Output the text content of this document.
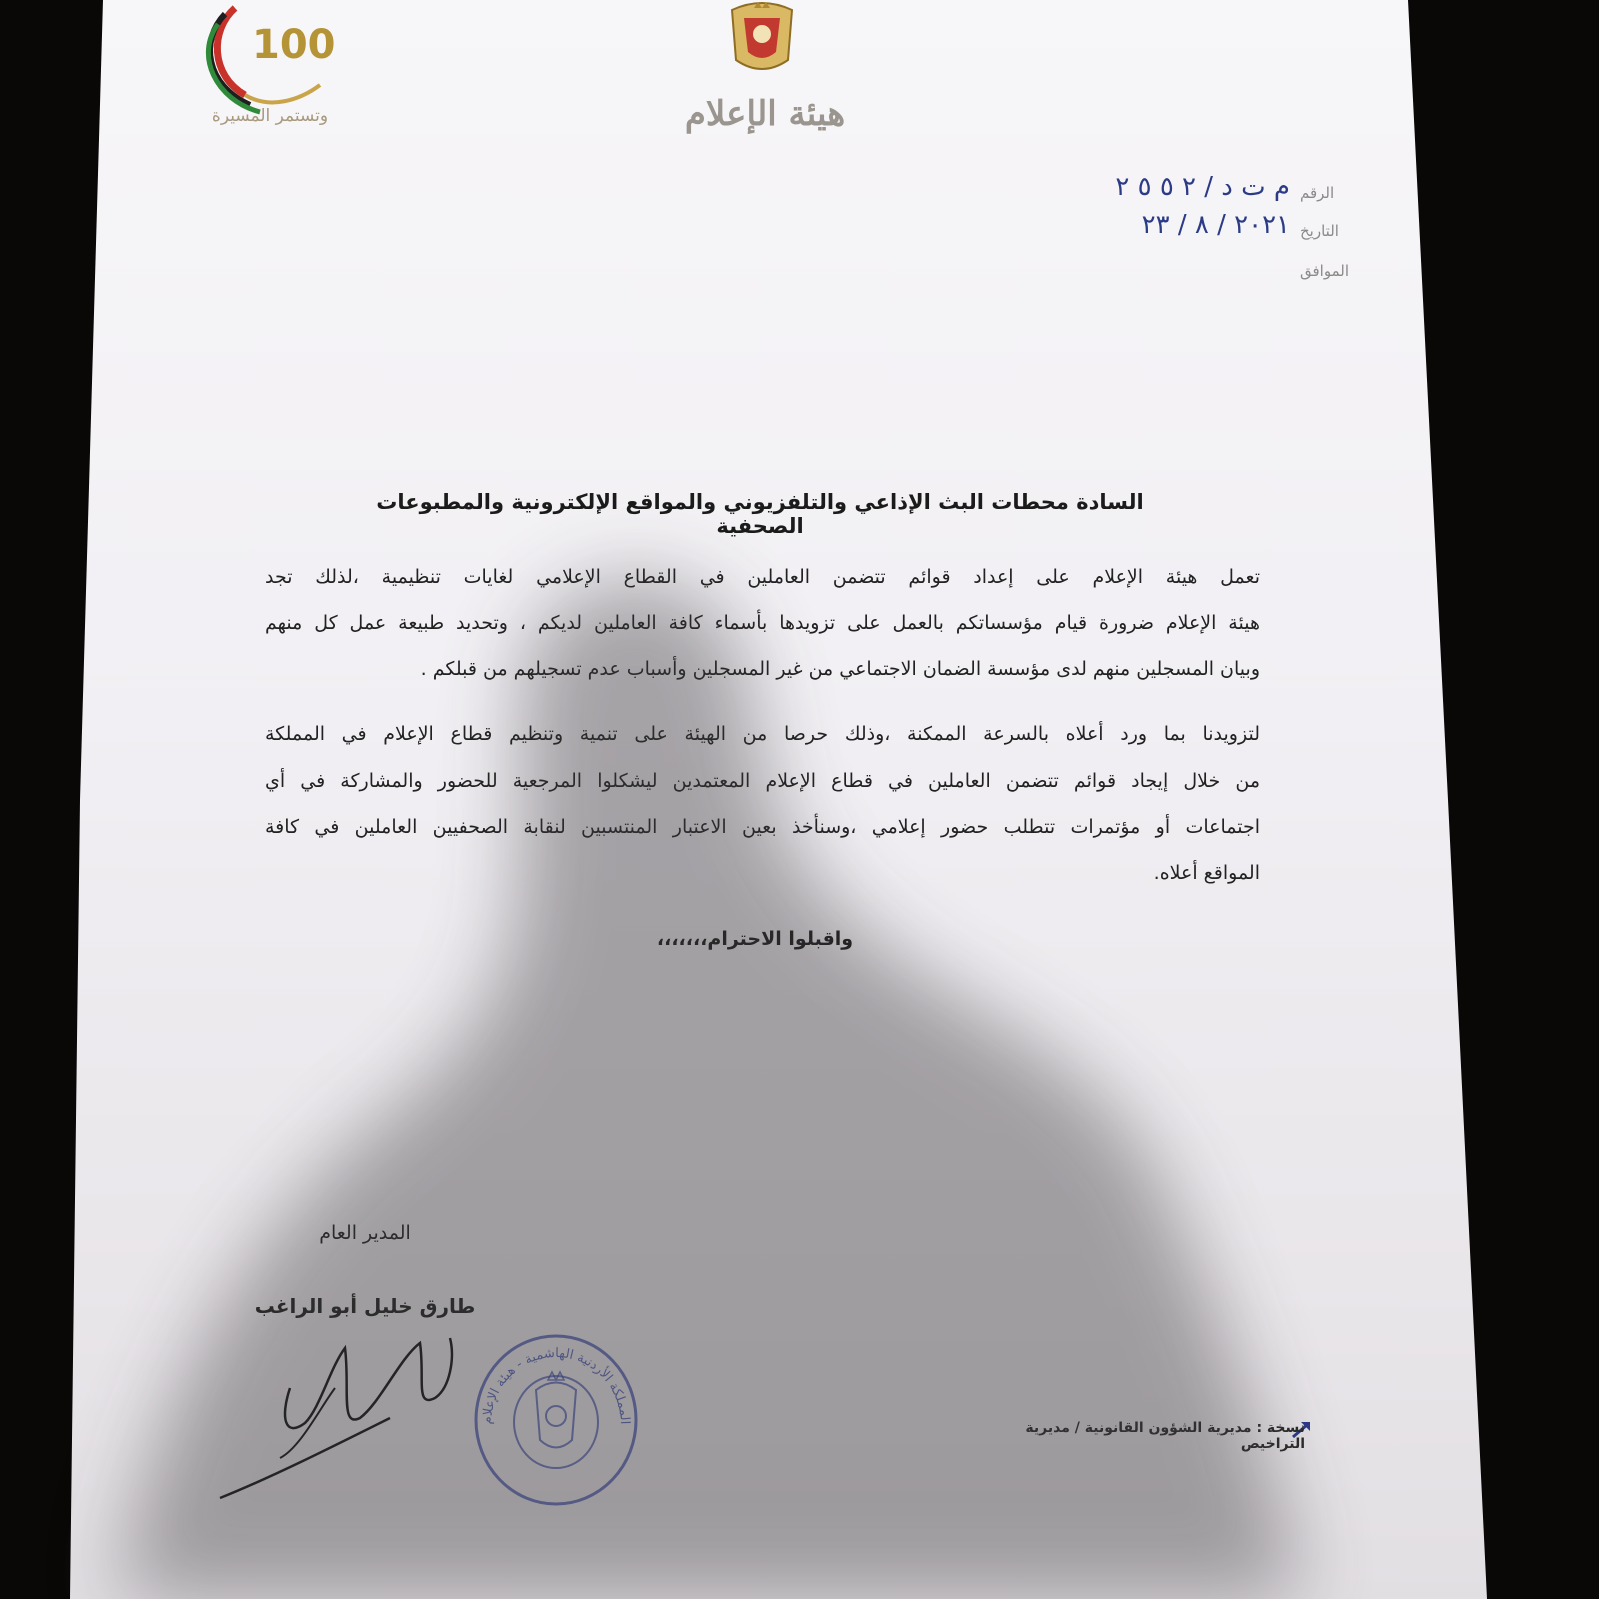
100
وتستمر المسيرة	هيئة الإعلام
الرقم
م ت د / ٢ ٥ ٥ ٢
التاريخ
٢٠٢١ / ٨ / ٢٣
الموافق
السادة محطات البث الإذاعي والتلفزيوني والمواقع الإلكترونية والمطبوعات الصحفية
تعمل هيئة الإعلام على إعداد قوائم تتضمن العاملين في القطاع الإعلامي لغايات تنظيمية ،لذلك تجد
هيئة الإعلام ضرورة قيام مؤسساتكم بالعمل على تزويدها بأسماء كافة العاملين لديكم ، وتحديد طبيعة عمل كل منهم
وبيان المسجلين منهم لدى مؤسسة الضمان الاجتماعي من غير المسجلين وأسباب عدم تسجيلهم من قبلكم .
لتزويدنا بما ورد أعلاه بالسرعة الممكنة ،وذلك حرصا من الهيئة على تنمية وتنظيم قطاع الإعلام في المملكة
من خلال إيجاد قوائم تتضمن العاملين في قطاع الإعلام المعتمدين ليشكلوا المرجعية للحضور والمشاركة في أي
اجتماعات أو مؤتمرات تتطلب حضور إعلامي ،وسنأخذ بعين الاعتبار المنتسبين لنقابة الصحفيين العاملين في كافة
المواقع أعلاه.
واقبلوا الاحترام،،،،،،،
المدير العام
طارق خليل أبو الراغب
المملكة الأردنية الهاشمية - هيئة الإعلام	نسخة : مديرية الشؤون القانونية / مديرية التراخيص
